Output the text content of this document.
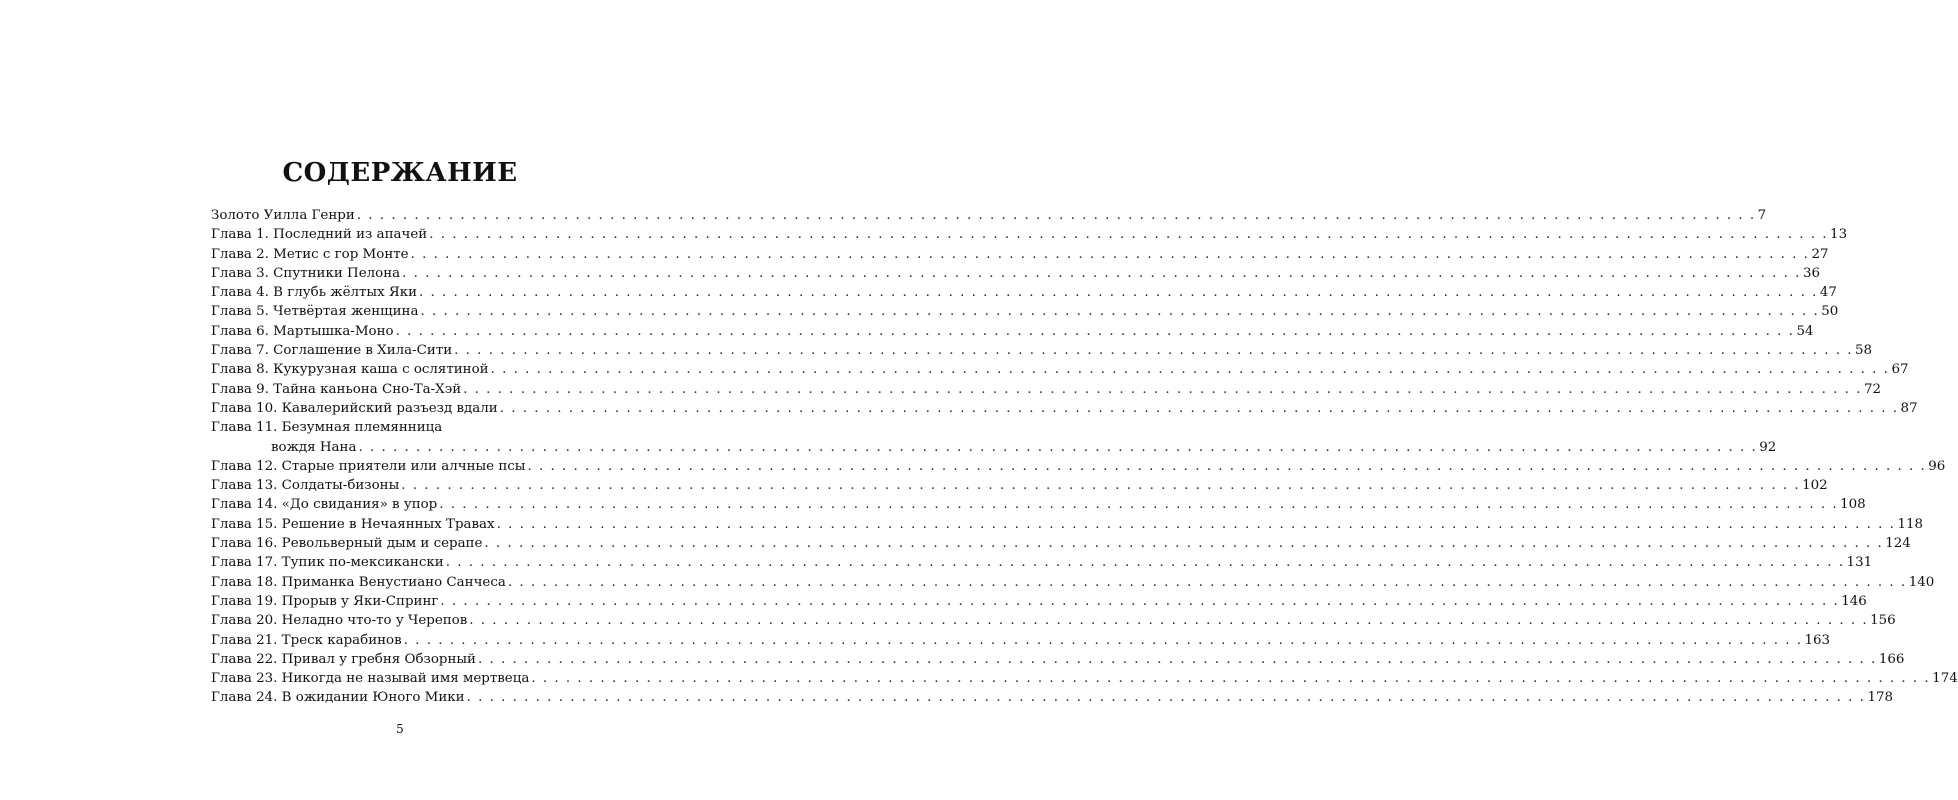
СОДЕРЖАНИЕ
Золото Уилла Генри . . .	7
Глава 1. Последний из апачей . . .	13
Глава 2. Метис с гор Монте . . .	27
Глава 3. Спутники Пелона . . .	36
Глава 4. В глубь жёлтых Яки . . .	47
Глава 5. Четвёртая женщина . . .	50
Глава 6. Мартышка-Моно . . .	54
Глава 7. Соглашение в Хила-Сити . . .	58
Глава 8. Кукурузная каша с ослятиной . . .	67
Глава 9. Тайна каньона Сно-Та-Хэй . . .	72
Глава 10. Кавалерийский разъезд вдали . . .	87
Глава 11. Безумная племянница
вождя Нана . . .	92
Глава 12. Старые приятели или алчные псы . . .	96
Глава 13. Солдаты-бизоны . . .	102
Глава 14. «До свидания» в упор . . .	108
Глава 15. Решение в Нечаянных Травах . . .	118
Глава 16. Револьверный дым и серапе . . .	124
Глава 17. Тупик по-мексикански . . .	131
Глава 18. Приманка Венустиано Санчеса . . .	140
Глава 19. Прорыв у Яки-Спринг . . .	146
Глава 20. Неладно что-то у Черепов . . .	156
Глава 21. Треск карабинов . . .	163
Глава 22. Привал у гребня Обзорный . . .	166
Глава 23. Никогда не называй имя мертвеца . . .	174
Глава 24. В ожидании Юного Мики . . .	178
5
